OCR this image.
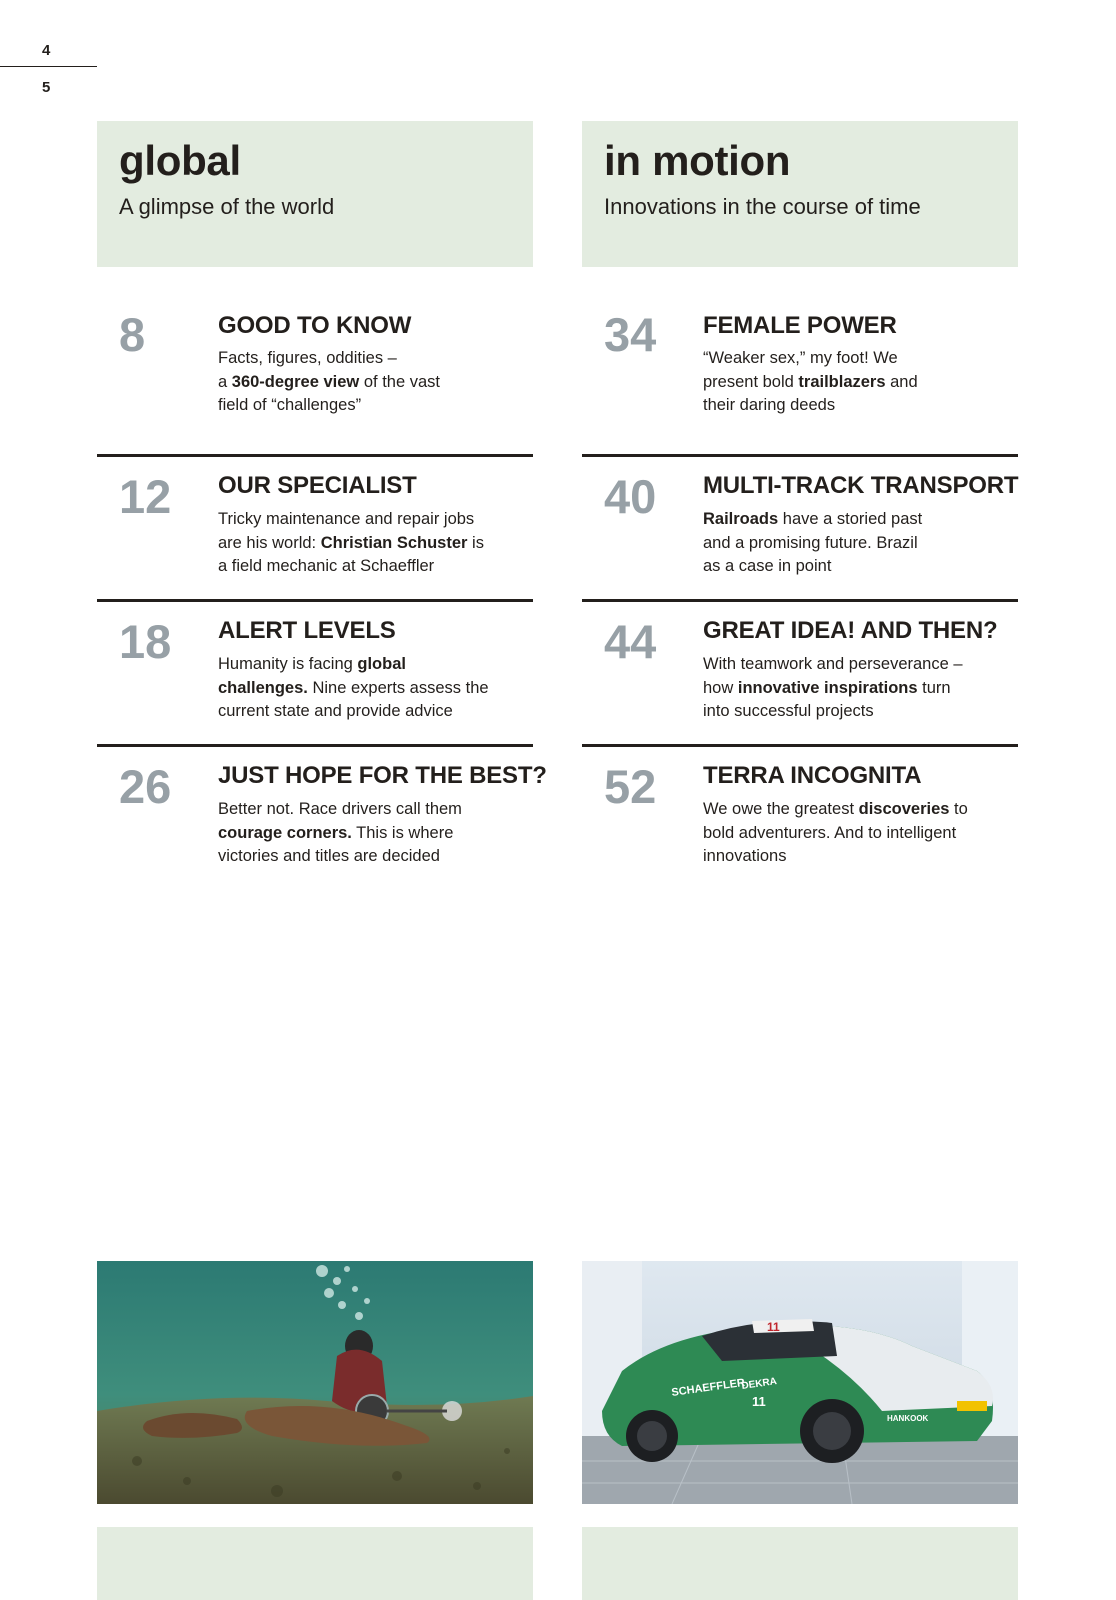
4
5
global
A glimpse of the world
8	GOOD TO KNOW
Facts, figures, oddities –
a 360-degree view of the vast
field of “challenges”
12 OUR SPECIALIST
Tricky maintenance and repair jobs
are his world: Christian Schuster is
a field mechanic at Schaeffler
18 ALERT LEVELS
Humanity is facing global
challenges. Nine experts assess the
current state and provide advice
26 JUST HOPE FOR THE BEST?
Better not. Race drivers call them
courage corners. This is where
victories and titles are decided
in motion
Innovations in the course of time
34 FEMALE POWER
“Weaker sex,” my foot! We
present bold trailblazers and
their daring deeds
40 MULTI-TRACK TRANSPORT
Railroads have a storied past
and a promising future. Brazil
as a case in point
44 GREAT IDEA! AND THEN?
With teamwork and perseverance –
how innovative inspirations turn
into successful projects
52 TERRA INCOGNITA
We owe the greatest discoveries to
bold adventurers. And to intelligent
innovations
11
SCHAEFFLER
DEKRA
11
HANKOOK
